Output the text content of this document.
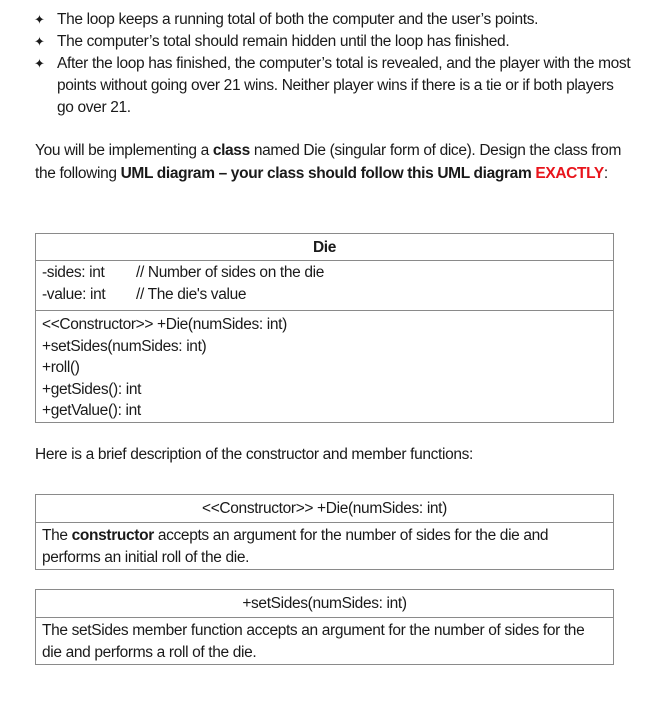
✦ The loop keeps a running total of both the computer and the user’s points.
✦ The computer’s total should remain hidden until the loop has finished.
✦ After the loop has finished, the computer’s total is revealed, and the player with the most points without going over 21 wins. Neither player wins if there is a tie or if both players go over 21.
You will be implementing a class named Die (singular form of dice). Design the class from the following UML diagram – your class should follow this UML diagram EXACTLY:
Die
-sides: int	// Number of sides on the die
-value: int	// The die's value
<<Constructor>> +Die(numSides: int)
+setSides(numSides: int)
+roll()
+getSides(): int
+getValue(): int
Here is a brief description of the constructor and member functions:
<<Constructor>> +Die(numSides: int)
The constructor accepts an argument for the number of sides for the die and performs an initial roll of the die.
+setSides(numSides: int)
The setSides member function accepts an argument for the number of sides for the die and performs a roll of the die.
